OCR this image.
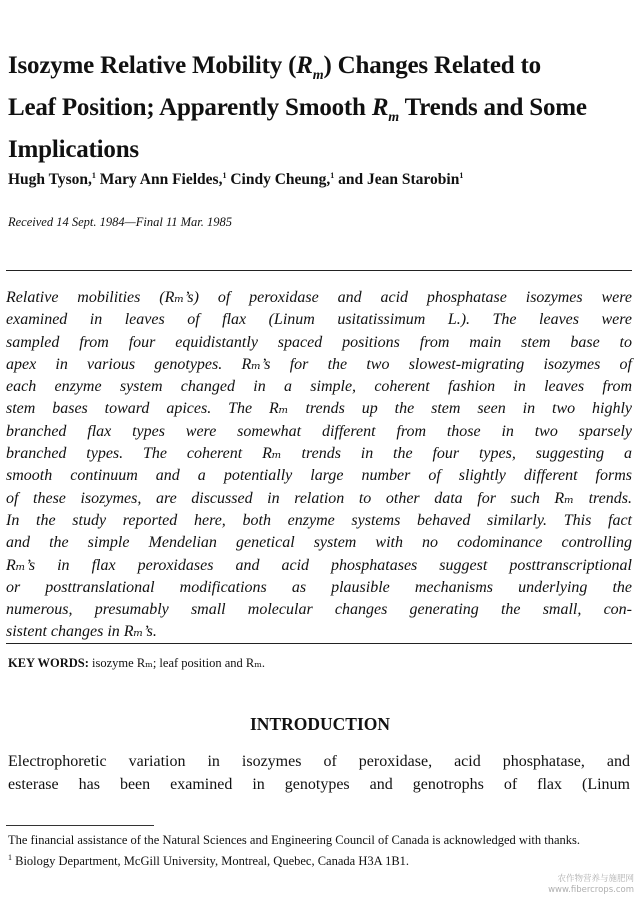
Isozyme Relative Mobility $(R_m)$ Changes Related to
Leaf Position; Apparently Smooth $R_m$ Trends and Some
Implications
Hugh Tyson,$^1$ Mary Ann Fieldes,$^1$ Cindy Cheung,$^1$ and Jean Starobin$^1$
Received 14 Sept. 1984—Final 11 Mar. 1985
Relative mobilities (Rₘ’s) of peroxidase and acid phosphatase isozymes were
examined in leaves of flax (Linum usitatissimum L.). The leaves were
sampled from four equidistantly spaced positions from main stem base to
apex in various genotypes. Rₘ’s for the two slowest-migrating isozymes of
each enzyme system changed in a simple, coherent fashion in leaves from
stem bases toward apices. The Rₘ trends up the stem seen in two highly
branched flax types were somewhat different from those in two sparsely
branched types. The coherent Rₘ trends in the four types, suggesting a
smooth continuum and a potentially large number of slightly different forms
of these isozymes, are discussed in relation to other data for such Rₘ trends.
In the study reported here, both enzyme systems behaved similarly. This fact
and the simple Mendelian genetical system with no codominance controlling
Rₘ’s in flax peroxidases and acid phosphatases suggest posttranscriptional
or posttranslational modifications as plausible mechanisms underlying the
numerous, presumably small molecular changes generating the small, con-
sistent changes in Rₘ’s.
KEY WORDS: isozyme Rₘ; leaf position and Rₘ.
INTRODUCTION
Electrophoretic variation in isozymes of peroxidase, acid phosphatase, and
esterase has been examined in genotypes and genotrophs of flax (Linum
The financial assistance of the Natural Sciences and Engineering Council of Canada is acknowledged with thanks.
$^1$ Biology Department, McGill University, Montreal, Quebec, Canada H3A 1B1.
农作物营养与施肥网
www.fibercrops.com
